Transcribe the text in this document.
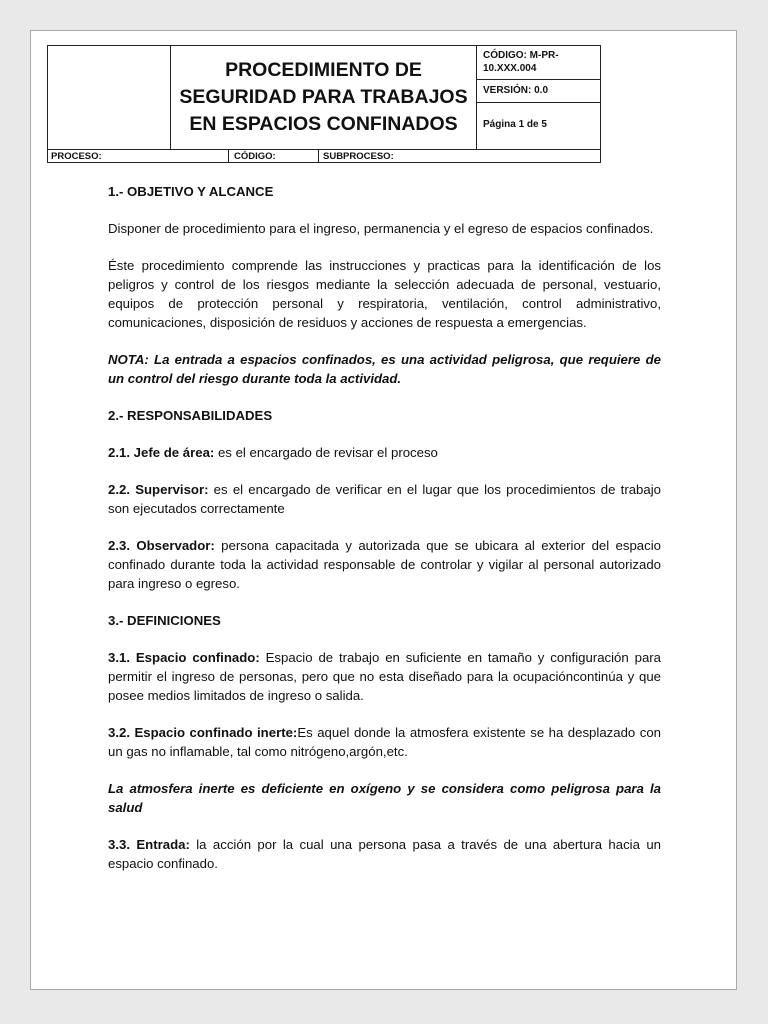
PROCEDIMIENTO DE
SEGURIDAD PARA TRABAJOS
EN ESPACIOS CONFINADOS
CÓDIGO: M-PR-
10.XXX.004
VERSIÓN: 0.0
Página 1 de 5
PROCESO:	CÓDIGO:	SUBPROCESO:

1.- OBJETIVO Y ALCANCE

Disponer de procedimiento para el ingreso, permanencia y el egreso de espacios confinados.

Éste procedimiento comprende las instrucciones y practicas para la identificación de los peligros y control de los riesgos mediante la selección adecuada de personal, vestuario, equipos de protección personal y respiratoria, ventilación, control administrativo, comunicaciones, disposición de residuos y acciones de respuesta a emergencias.

NOTA: La entrada a espacios confinados, es una actividad peligrosa, que requiere de un control del riesgo durante toda la actividad.

2.- RESPONSABILIDADES

2.1. Jefe de área: es el encargado de revisar el proceso

2.2. Supervisor: es el encargado de verificar en el lugar que los procedimientos de trabajo son ejecutados correctamente

2.3. Observador: persona capacitada y autorizada que se ubicara al exterior del espacio confinado durante toda la actividad responsable de controlar y vigilar al personal autorizado para ingreso o egreso.

3.- DEFINICIONES

3.1. Espacio confinado: Espacio de trabajo en suficiente en tamaño y configuración para permitir el ingreso de personas, pero que no esta diseñado para la ocupacióncontinúa y que posee medios limitados de ingreso o salida.

3.2. Espacio confinado inerte:Es aquel donde la atmosfera existente se ha desplazado con un gas no inflamable, tal como nitrógeno,argón,etc.

La atmosfera inerte es deficiente en oxígeno y se considera como peligrosa para la salud

3.3. Entrada: la acción por la cual una persona pasa a través de una abertura hacia un espacio confinado.
